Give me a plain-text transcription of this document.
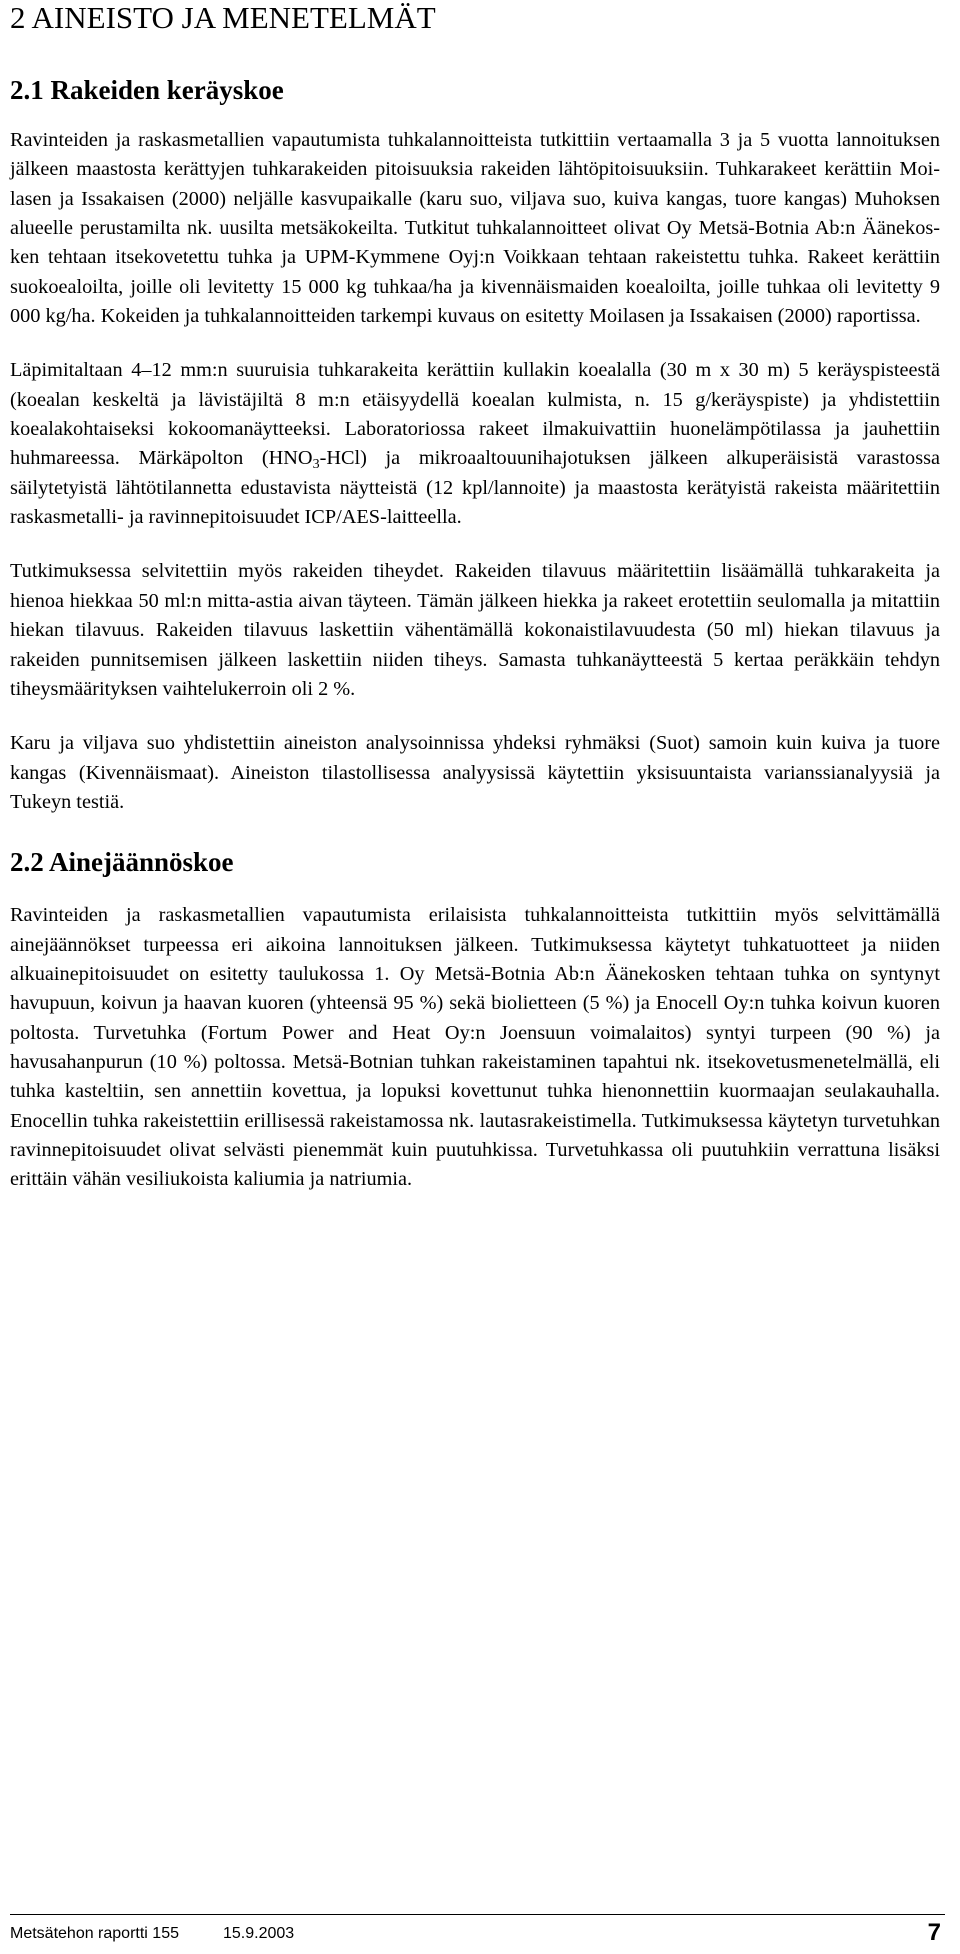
2 AINEISTO JA MENETELMÄT
2.1 Rakeiden keräyskoe

Ravinteiden ja raskasmetallien vapautumista tuhkalannoitteista tutkittiin vertaamalla 3 ja 5 vuotta lannoituksen jälkeen maastosta kerättyjen tuhkarakeiden pitoisuuksia rakeiden lähtöpitoisuuksiin. Tuhkarakeet kerättiin Moilasen ja Issakaisen (2000) neljälle kasvupaikalle (karu suo, viljava suo, kuiva kangas, tuore kangas) Muhoksen alueelle perustamilta nk. uusilta metsäkokeilta. Tutkitut tuhkalannoitteet olivat Oy Metsä-Botnia Ab:n Äänekosken tehtaan itsekovetettu tuhka ja UPM-Kymmene Oyj:n Voikkaan tehtaan rakeistettu tuhka. Rakeet kerättiin suokoealoilta, joille oli levitetty 15 000 kg tuhkaa/ha ja kivennäismaiden koealoilta, joille tuhkaa oli levitetty 9 000 kg/ha. Kokeiden ja tuhkalannoitteiden tarkempi kuvaus on esitetty Moilasen ja Issakaisen (2000) raportissa.

Läpimitaltaan 4–12 mm:n suuruisia tuhkarakeita kerättiin kullakin koealalla (30 m x 30 m) 5 keräyspisteestä (koealan keskeltä ja lävistäjiltä 8 m:n etäisyydellä koealan kulmista, n. 15 g/keräyspiste) ja yhdistettiin koealakohtaiseksi kokoomanäytteeksi. Laboratoriossa rakeet ilmakuivattiin huonelämpötilassa ja jauhettiin huhmareessa. Märkäpolton $(HNO_3-HCl)$ ja mikroaaltouunihajotuksen jälkeen alkuperäisistä varastossa säilytetyistä lähtötilannetta edustavista näytteistä (12 kpl/lannoite) ja maastosta kerätyistä rakeista määritettiin raskasmetalli- ja ravinnepitoisuudet ICP/AES-laitteella.

Tutkimuksessa selvitettiin myös rakeiden tiheydet. Rakeiden tilavuus määritettiin lisäämällä tuhkarakeita ja hienoa hiekkaa 50 ml:n mitta-astia aivan täyteen. Tämän jälkeen hiekka ja rakeet erotettiin seulomalla ja mitattiin hiekan tilavuus. Rakeiden tilavuus laskettiin vähentämällä kokonaistilavuudesta (50 ml) hiekan tilavuus ja rakeiden punnitsemisen jälkeen laskettiin niiden tiheys. Samasta tuhkanäytteestä 5 kertaa peräkkäin tehdyn tiheysmäärityksen vaihtelukerroin oli 2 %.

Karu ja viljava suo yhdistettiin aineiston analysoinnissa yhdeksi ryhmäksi (Suot) samoin kuin kuiva ja tuore kangas (Kivennäismaat). Aineiston tilastollisessa analyysissä käytettiin yksisuuntaista varianssianalyysiä ja Tukeyn testiä.

2.2 Ainejäännöskoe

Ravinteiden ja raskasmetallien vapautumista erilaisista tuhkalannoitteista tutkittiin myös selvittämällä ainejäännökset turpeessa eri aikoina lannoituksen jälkeen. Tutkimuksessa käytetyt tuhkatuotteet ja niiden alkuainepitoisuudet on esitetty taulukossa 1. Oy Metsä-Botnia Ab:n Äänekosken tehtaan tuhka on syntynyt havupuun, koivun ja haavan kuoren (yhteensä 95 %) sekä biolietteen (5 %) ja Enocell Oy:n tuhka koivun kuoren poltosta. Turvetuhka (Fortum Power and Heat Oy:n Joensuun voimalaitos) syntyi turpeen (90 %) ja havusahanpurun (10 %) poltossa. Metsä-Botnian tuhkan rakeistaminen tapahtui nk. itsekovetusmenetelmällä, eli tuhka kasteltiin, sen annettiin kovettua, ja lopuksi kovettunut tuhka hienonnettiin kuormaajan seulakauhalla. Enocellin tuhka rakeistettiin erillisessä rakeistamossa nk. lautasrakeistimella. Tutkimuksessa käytetyn turvetuhkan ravinnepitoisuudet olivat selvästi pienemmät kuin puutuhkissa. Turvetuhkassa oli puutuhkiin verrattuna lisäksi erittäin vähän vesiliukoista kaliumia ja natriumia.

Metsätehon raportti 155	15.9.2003	7
